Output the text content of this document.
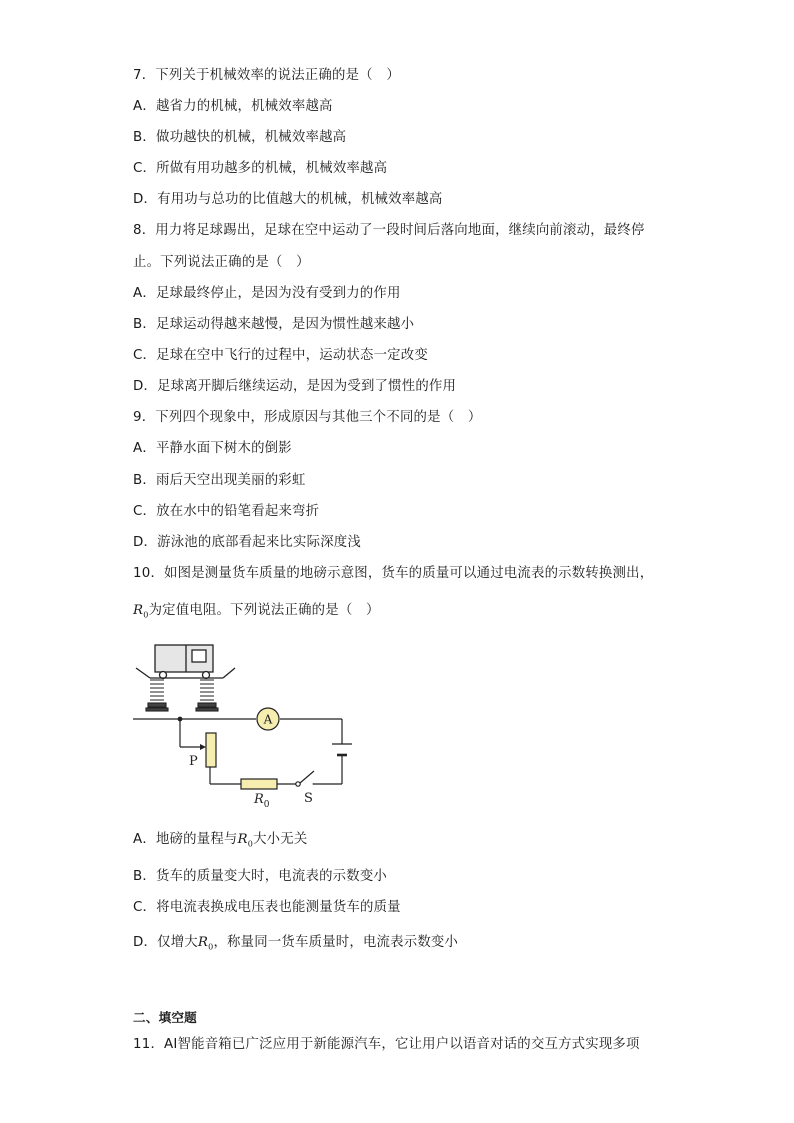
7．下列关于机械效率的说法正确的是（　）
A．越省力的机械，机械效率越高
B．做功越快的机械，机械效率越高
C．所做有用功越多的机械，机械效率越高
D．有用功与总功的比值越大的机械，机械效率越高
8．用力将足球踢出，足球在空中运动了一段时间后落向地面，继续向前滚动，最终停
止。下列说法正确的是（　）
A．足球最终停止，是因为没有受到力的作用
B．足球运动得越来越慢，是因为惯性越来越小
C．足球在空中飞行的过程中，运动状态一定改变
D．足球离开脚后继续运动，是因为受到了惯性的作用
9．下列四个现象中，形成原因与其他三个不同的是（　）
A．平静水面下树木的倒影
B．雨后天空出现美丽的彩虹
C．放在水中的铅笔看起来弯折
D．游泳池的底部看起来比实际深度浅
10．如图是测量货车质量的地磅示意图，货车的质量可以通过电流表的示数转换测出，
$R_0$为定值电阻。下列说法正确的是（　）
A
P
$R_0$	S
A．地磅的量程与$R_0$大小无关
B．货车的质量变大时，电流表的示数变小
C．将电流表换成电压表也能测量货车的质量
D．仅增大$R_0$，称量同一货车质量时，电流表示数变小
二、填空题
11．AI智能音箱已广泛应用于新能源汽车，它让用户以语音对话的交互方式实现多项
